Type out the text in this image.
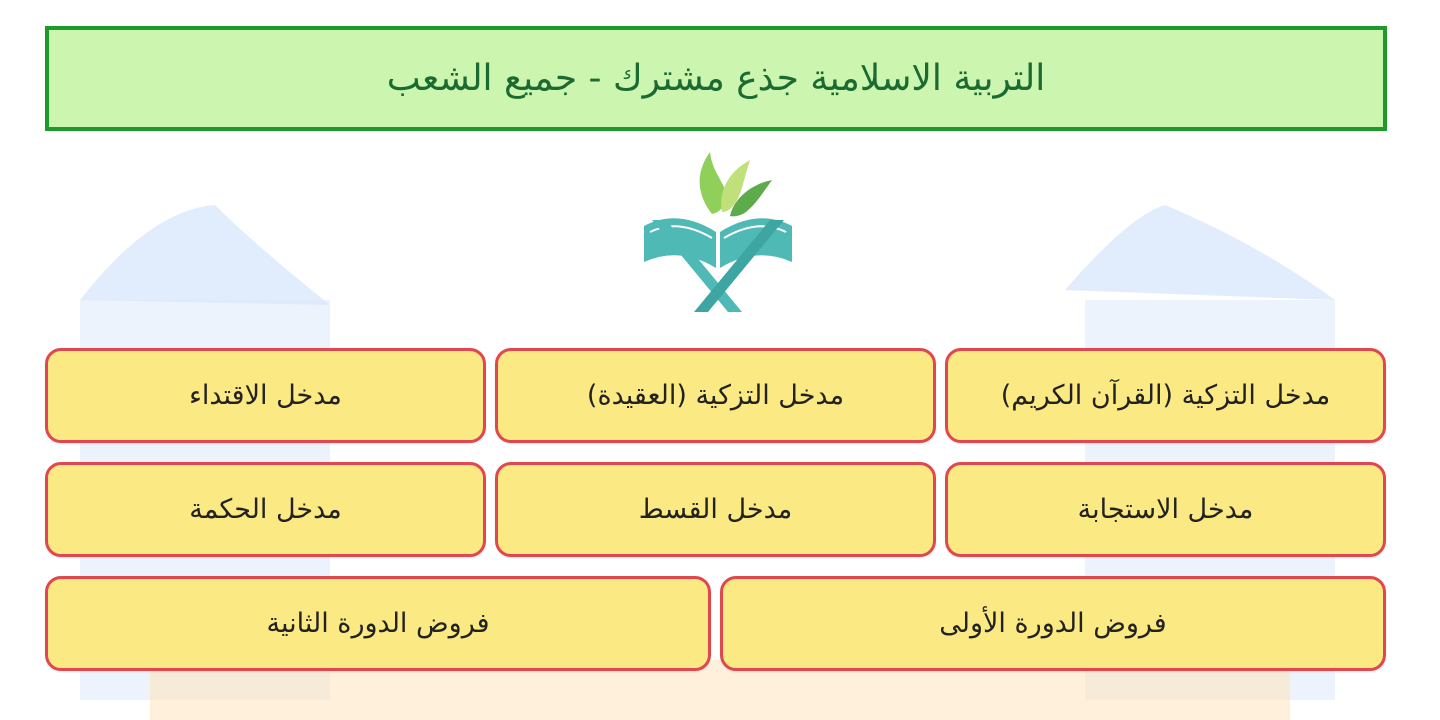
التربية الاسلامية جذع مشترك - جميع الشعب
مدخل التزكية (القرآن الكريم)
مدخل التزكية (العقيدة)
مدخل الاقتداء
مدخل الاستجابة
مدخل القسط
مدخل الحكمة
فروض الدورة الأولى
فروض الدورة الثانية
